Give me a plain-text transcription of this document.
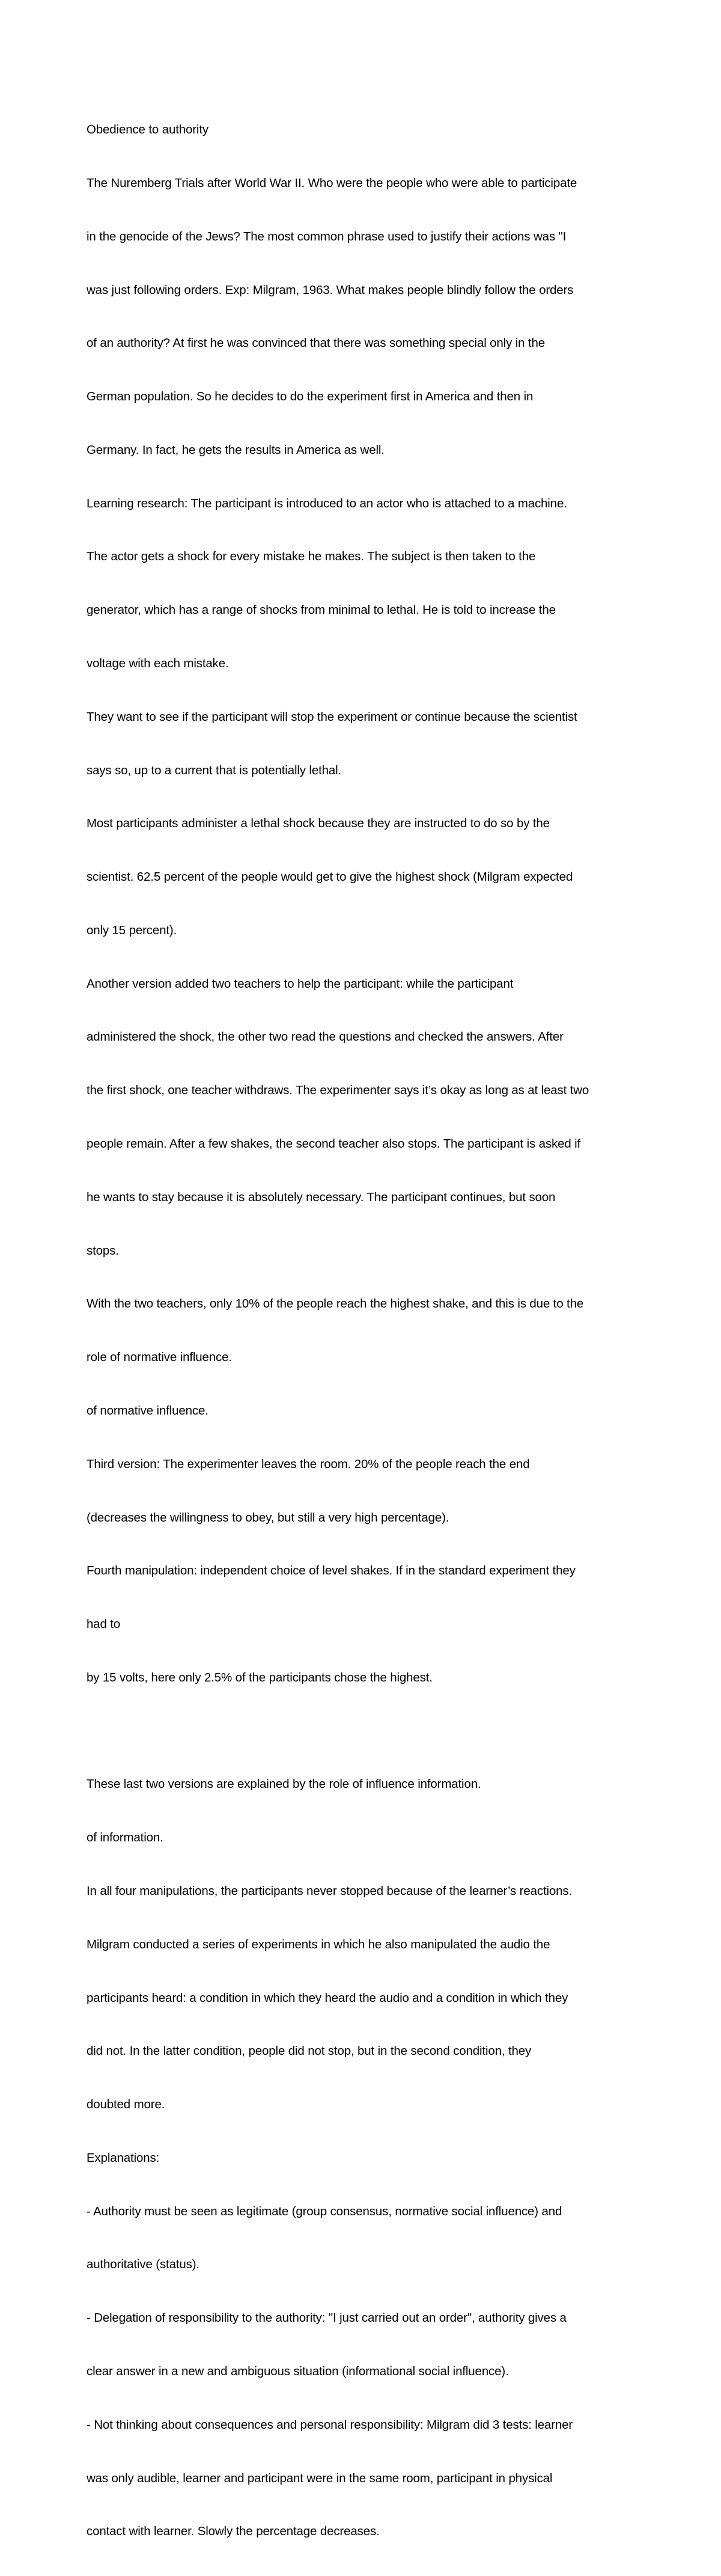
Obedience to authority

The Nuremberg Trials after World War II. Who were the people who were able to participate

in the genocide of the Jews? The most common phrase used to justify their actions was "I

was just following orders. Exp: Milgram, 1963. What makes people blindly follow the orders

of an authority? At first he was convinced that there was something special only in the

German population. So he decides to do the experiment first in America and then in

Germany. In fact, he gets the results in America as well.

Learning research: The participant is introduced to an actor who is attached to a machine.

The actor gets a shock for every mistake he makes. The subject is then taken to the

generator, which has a range of shocks from minimal to lethal. He is told to increase the

voltage with each mistake.

They want to see if the participant will stop the experiment or continue because the scientist

says so, up to a current that is potentially lethal.

Most participants administer a lethal shock because they are instructed to do so by the

scientist. 62.5 percent of the people would get to give the highest shock (Milgram expected

only 15 percent).

Another version added two teachers to help the participant: while the participant

administered the shock, the other two read the questions and checked the answers. After

the first shock, one teacher withdraws. The experimenter says it’s okay as long as at least two

people remain. After a few shakes, the second teacher also stops. The participant is asked if

he wants to stay because it is absolutely necessary. The participant continues, but soon

stops.

With the two teachers, only 10% of the people reach the highest shake, and this is due to the

role of normative influence.

of normative influence.

Third version: The experimenter leaves the room. 20% of the people reach the end

(decreases the willingness to obey, but still a very high percentage).

Fourth manipulation: independent choice of level shakes. If in the standard experiment they

had to

by 15 volts, here only 2.5% of the participants chose the highest.

These last two versions are explained by the role of influence information.

of information.

In all four manipulations, the participants never stopped because of the learner’s reactions.

Milgram conducted a series of experiments in which he also manipulated the audio the

participants heard: a condition in which they heard the audio and a condition in which they

did not. In the latter condition, people did not stop, but in the second condition, they

doubted more.

Explanations:

- Authority must be seen as legitimate (group consensus, normative social influence) and

authoritative (status).

- Delegation of responsibility to the authority: "I just carried out an order", authority gives a

clear answer in a new and ambiguous situation (informational social influence).

- Not thinking about consequences and personal responsibility: Milgram did 3 tests: learner

was only audible, learner and participant were in the same room, participant in physical

contact with learner. Slowly the percentage decreases.
